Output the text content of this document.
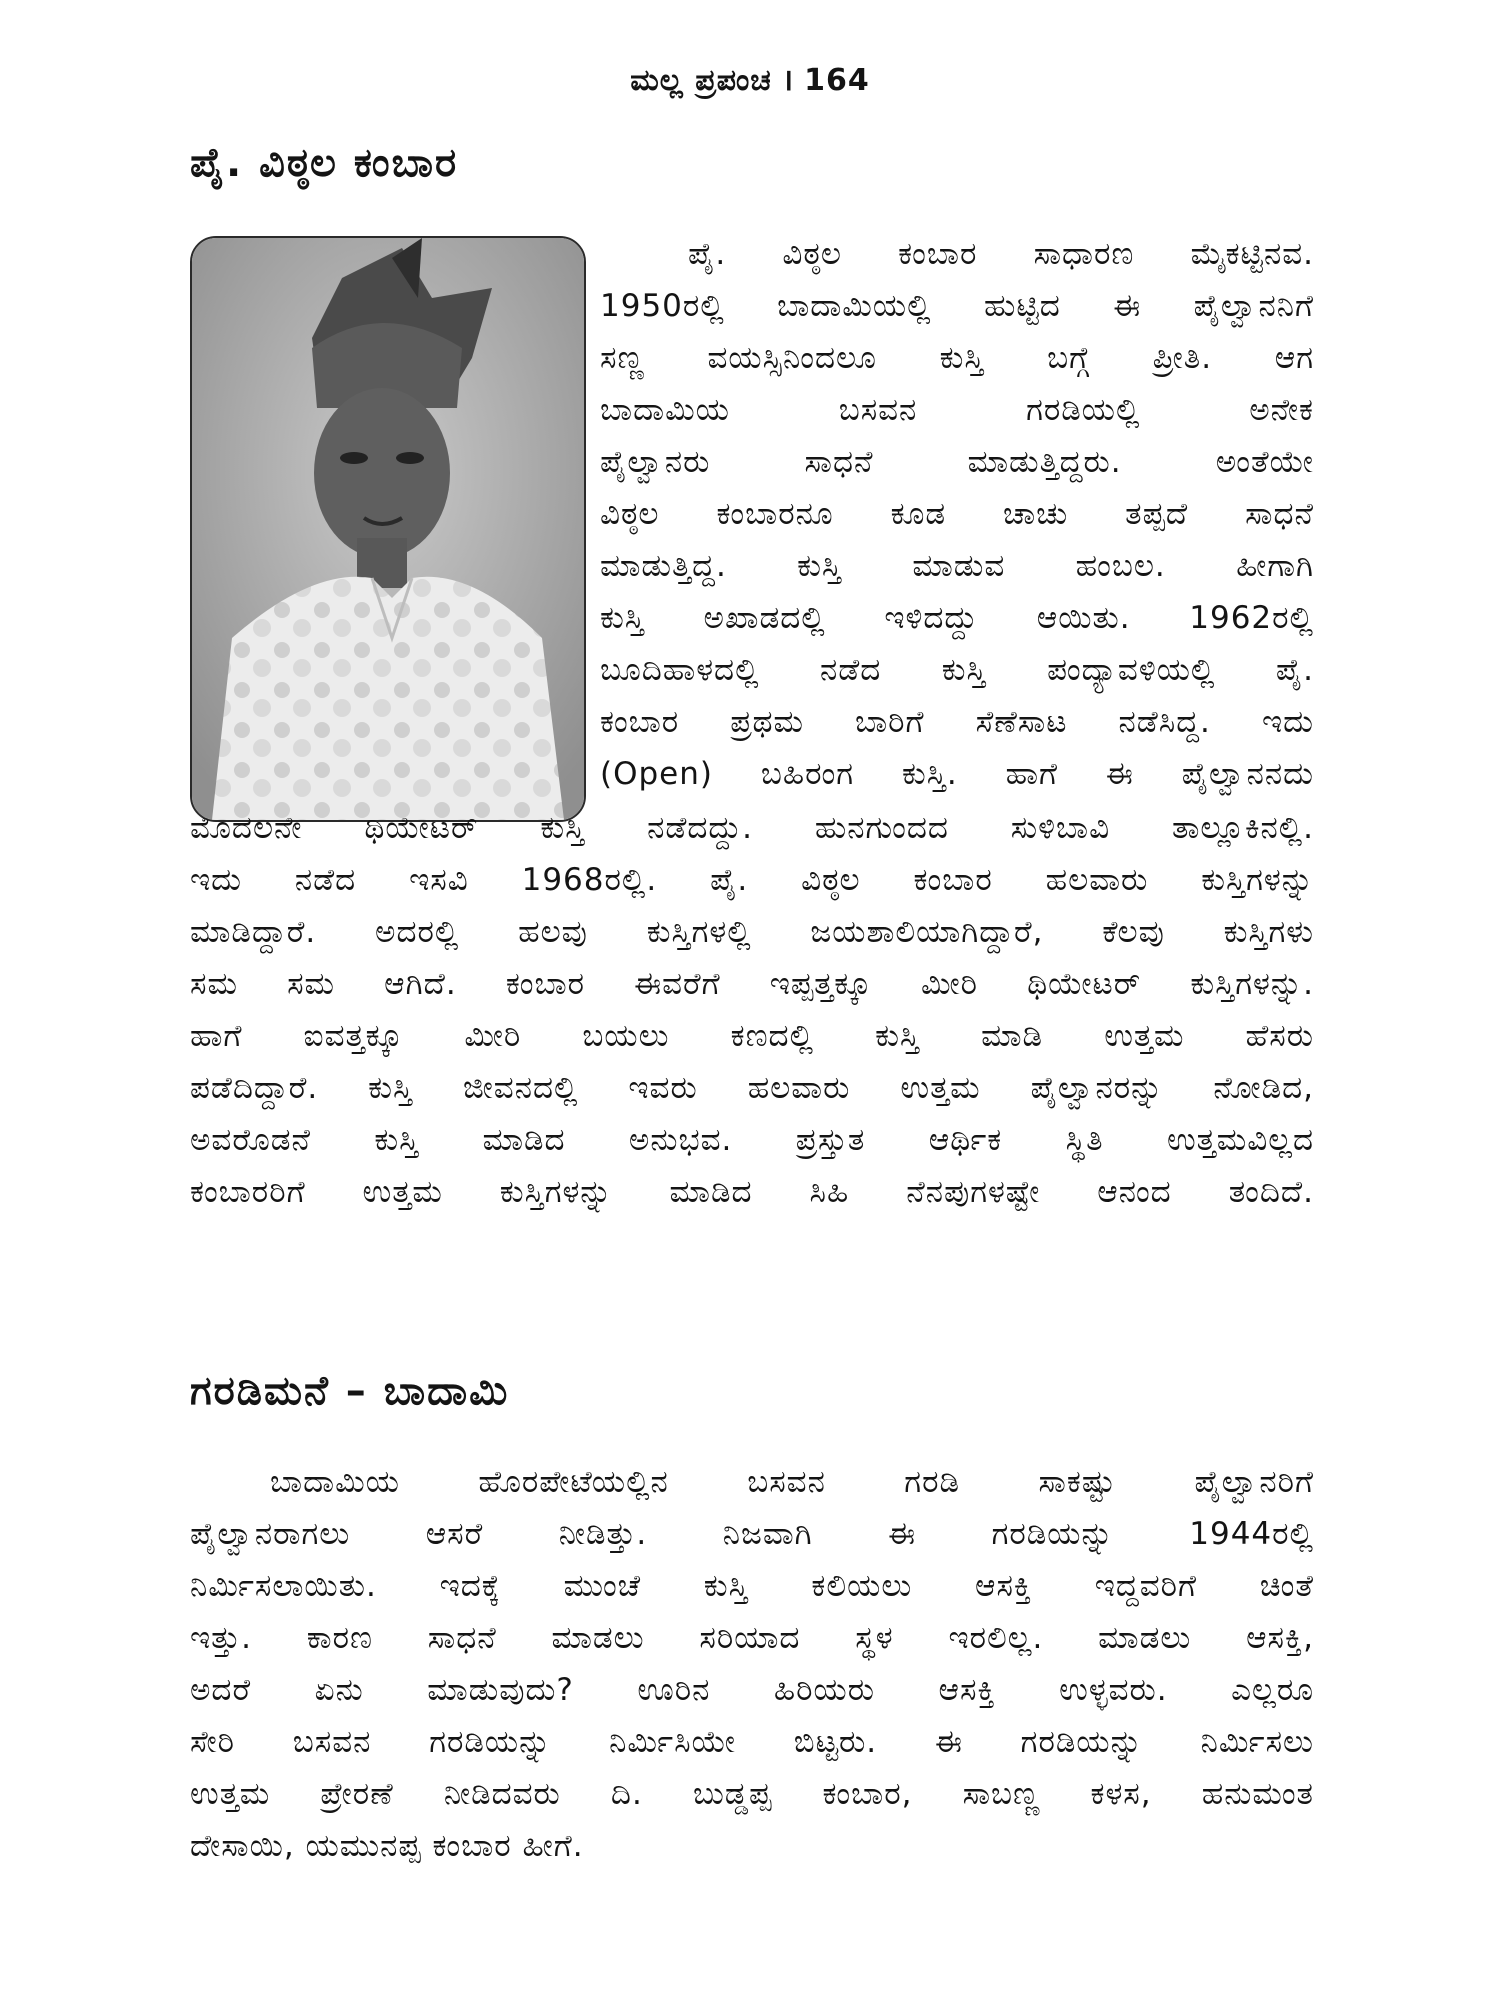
ಮಲ್ಲ ಪ್ರಪಂಚ । 164
ಪೈ. ವಿಠ್ಠಲ ಕಂಬಾರ
ಪೈ. ವಿಠ್ಠಲ ಕಂಬಾರ ಸಾಧಾರಣ ಮೈಕಟ್ಟಿನವ.
1950ರಲ್ಲಿ ಬಾದಾಮಿಯಲ್ಲಿ ಹುಟ್ಟಿದ ಈ ಪೈಲ್ವಾನನಿಗೆ
ಸಣ್ಣ ವಯಸ್ಸಿನಿಂದಲೂ ಕುಸ್ತಿ ಬಗ್ಗೆ ಪ್ರೀತಿ. ಆಗ
ಬಾದಾಮಿಯ ಬಸವನ ಗರಡಿಯಲ್ಲಿ ಅನೇಕ
ಪೈಲ್ವಾನರು ಸಾಧನೆ ಮಾಡುತ್ತಿದ್ದರು. ಅಂತೆಯೇ
ವಿಠ್ಠಲ ಕಂಬಾರನೂ ಕೂಡ ಚಾಚು ತಪ್ಪದೆ ಸಾಧನೆ
ಮಾಡುತ್ತಿದ್ದ. ಕುಸ್ತಿ ಮಾಡುವ ಹಂಬಲ. ಹೀಗಾಗಿ
ಕುಸ್ತಿ ಅಖಾಡದಲ್ಲಿ ಇಳಿದದ್ದು ಆಯಿತು. 1962ರಲ್ಲಿ
ಬೂದಿಹಾಳದಲ್ಲಿ ನಡೆದ ಕುಸ್ತಿ ಪಂದ್ಯಾವಳಿಯಲ್ಲಿ ಪೈ.
ಕಂಬಾರ ಪ್ರಥಮ ಬಾರಿಗೆ ಸೆಣೆಸಾಟ ನಡೆಸಿದ್ದ. ಇದು
(Open) ಬಹಿರಂಗ ಕುಸ್ತಿ. ಹಾಗೆ ಈ ಪೈಲ್ವಾನನದು
ಮೊದಲನೇ ಥಿಯೇಟರ್ ಕುಸ್ತಿ ನಡೆದದ್ದು. ಹುನಗುಂದದ ಸುಳಿಬಾವಿ ತಾಲ್ಲೂಕಿನಲ್ಲಿ.
ಇದು ನಡೆದ ಇಸವಿ 1968ರಲ್ಲಿ. ಪೈ. ವಿಠ್ಠಲ ಕಂಬಾರ ಹಲವಾರು ಕುಸ್ತಿಗಳನ್ನು
ಮಾಡಿದ್ದಾರೆ. ಅದರಲ್ಲಿ ಹಲವು ಕುಸ್ತಿಗಳಲ್ಲಿ ಜಯಶಾಲಿಯಾಗಿದ್ದಾರೆ, ಕೆಲವು ಕುಸ್ತಿಗಳು
ಸಮ ಸಮ ಆಗಿದೆ. ಕಂಬಾರ ಈವರೆಗೆ ಇಪ್ಪತ್ತಕ್ಕೂ ಮೀರಿ ಥಿಯೇಟರ್ ಕುಸ್ತಿಗಳನ್ನು.
ಹಾಗೆ ಐವತ್ತಕ್ಕೂ ಮೀರಿ ಬಯಲು ಕಣದಲ್ಲಿ ಕುಸ್ತಿ ಮಾಡಿ ಉತ್ತಮ ಹೆಸರು
ಪಡೆದಿದ್ದಾರೆ. ಕುಸ್ತಿ ಜೀವನದಲ್ಲಿ ಇವರು ಹಲವಾರು ಉತ್ತಮ ಪೈಲ್ವಾನರನ್ನು ನೋಡಿದ,
ಅವರೊಡನೆ ಕುಸ್ತಿ ಮಾಡಿದ ಅನುಭವ. ಪ್ರಸ್ತುತ ಆರ್ಥಿಕ ಸ್ಥಿತಿ ಉತ್ತಮವಿಲ್ಲದ
ಕಂಬಾರರಿಗೆ ಉತ್ತಮ ಕುಸ್ತಿಗಳನ್ನು ಮಾಡಿದ ಸಿಹಿ ನೆನಪುಗಳಷ್ಟೇ ಆನಂದ ತಂದಿದೆ.
ಗರಡಿಮನೆ – ಬಾದಾಮಿ
ಬಾದಾಮಿಯ ಹೊರಪೇಟೆಯಲ್ಲಿನ ಬಸವನ ಗರಡಿ ಸಾಕಷ್ಟು ಪೈಲ್ವಾನರಿಗೆ
ಪೈಲ್ವಾನರಾಗಲು ಆಸರೆ ನೀಡಿತ್ತು. ನಿಜವಾಗಿ ಈ ಗರಡಿಯನ್ನು 1944ರಲ್ಲಿ
ನಿರ್ಮಿಸಲಾಯಿತು. ಇದಕ್ಕೆ ಮುಂಚೆ ಕುಸ್ತಿ ಕಲಿಯಲು ಆಸಕ್ತಿ ಇದ್ದವರಿಗೆ ಚಿಂತೆ
ಇತ್ತು. ಕಾರಣ ಸಾಧನೆ ಮಾಡಲು ಸರಿಯಾದ ಸ್ಥಳ ಇರಲಿಲ್ಲ. ಮಾಡಲು ಆಸಕ್ತಿ,
ಅದರೆ ಏನು ಮಾಡುವುದು? ಊರಿನ ಹಿರಿಯರು ಆಸಕ್ತಿ ಉಳ್ಳವರು. ಎಲ್ಲರೂ
ಸೇರಿ ಬಸವನ ಗರಡಿಯನ್ನು ನಿರ್ಮಿಸಿಯೇ ಬಿಟ್ಟರು. ಈ ಗರಡಿಯನ್ನು ನಿರ್ಮಿಸಲು
ಉತ್ತಮ ಪ್ರೇರಣೆ ನೀಡಿದವರು ದಿ. ಬುಡ್ಡಪ್ಪ ಕಂಬಾರ, ಸಾಬಣ್ಣ ಕಳಸ, ಹನುಮಂತ
ದೇಸಾಯಿ, ಯಮುನಪ್ಪ ಕಂಬಾರ ಹೀಗೆ.
